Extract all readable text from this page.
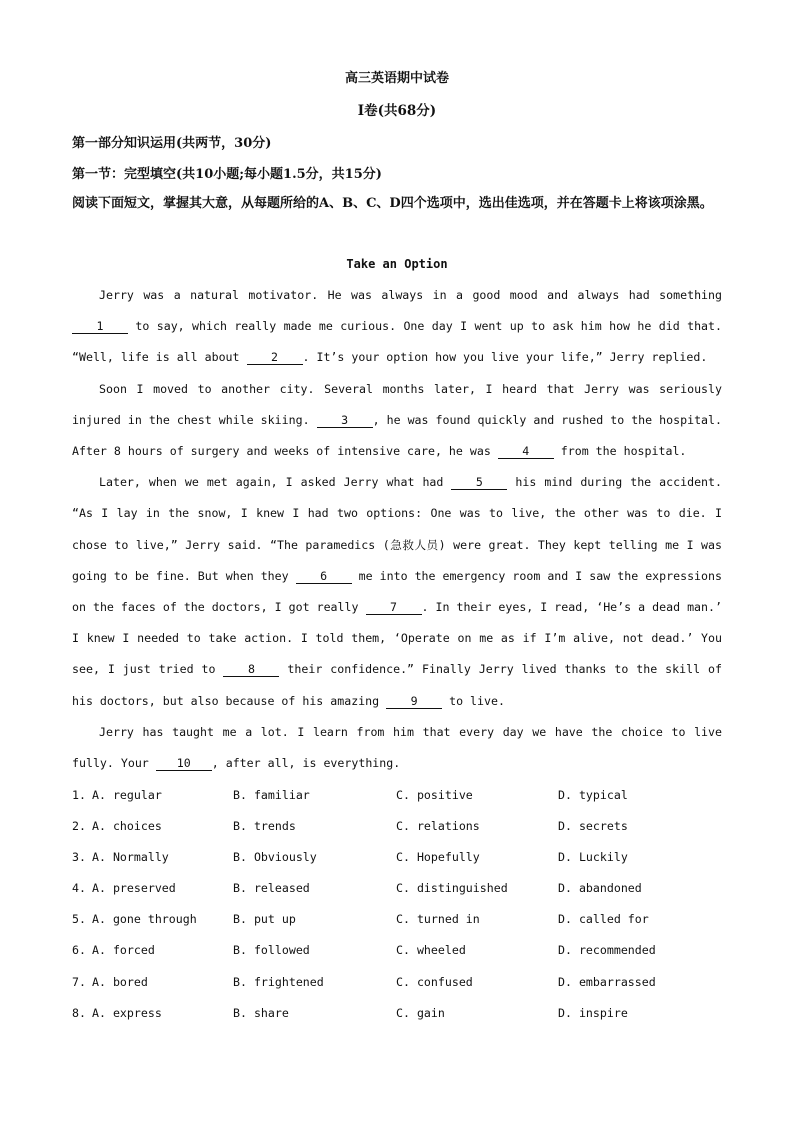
高三英语期中试卷
Ⅰ卷(共68分)
第一部分知识运用(共两节，30分)
第一节：完型填空(共10小题;每小题1.5分，共15分)
阅读下面短文，掌握其大意，从每题所给的A、B、C、D四个选项中，选出佳选项，并在答题卡上将该项涂黑。
Take an Option

Jerry was a natural motivator. He was always in a good mood and always had something 1 to say, which really made me curious. One day I went up to ask him how he did that. “Well, life is all about 2 . It’s your option how you live your life,” Jerry replied.

Soon I moved to another city. Several months later, I heard that Jerry was seriously injured in the chest while skiing. 3 , he was found quickly and rushed to the hospital. After 8 hours of surgery and weeks of intensive care, he was 4 from the hospital.

Later, when we met again, I asked Jerry what had 5 his mind during the accident. “As I lay in the snow, I knew I had two options: One was to live, the other was to die. I chose to live,” Jerry said. “The paramedics (急救人员) were great. They kept telling me I was going to be fine. But when they 6 me into the emergency room and I saw the expressions on the faces of the doctors, I got really 7 . In their eyes, I read, ‘He’s a dead man.’ I knew I needed to take action. I told them, ‘Operate on me as if I’m alive, not dead.’ You see, I just tried to 8 their confidence.” Finally Jerry lived thanks to the skill of his doctors, but also because of his amazing 9 to live.

Jerry has taught me a lot. I learn from him that every day we have the choice to live fully. Your 10 , after all, is everything.

1. A. regular	B. familiar	C. positive	D. typical
2. A. choices	B. trends	C. relations	D. secrets
3. A. Normally	B. Obviously	C. Hopefully	D. Luckily
4. A. preserved	B. released	C. distinguished	D. abandoned
5. A. gone through	B. put up	C. turned in	D. called for
6. A. forced	B. followed	C. wheeled	D. recommended
7. A. bored	B. frightened	C. confused	D. embarrassed
8. A. express	B. share	C. gain	D. inspire
